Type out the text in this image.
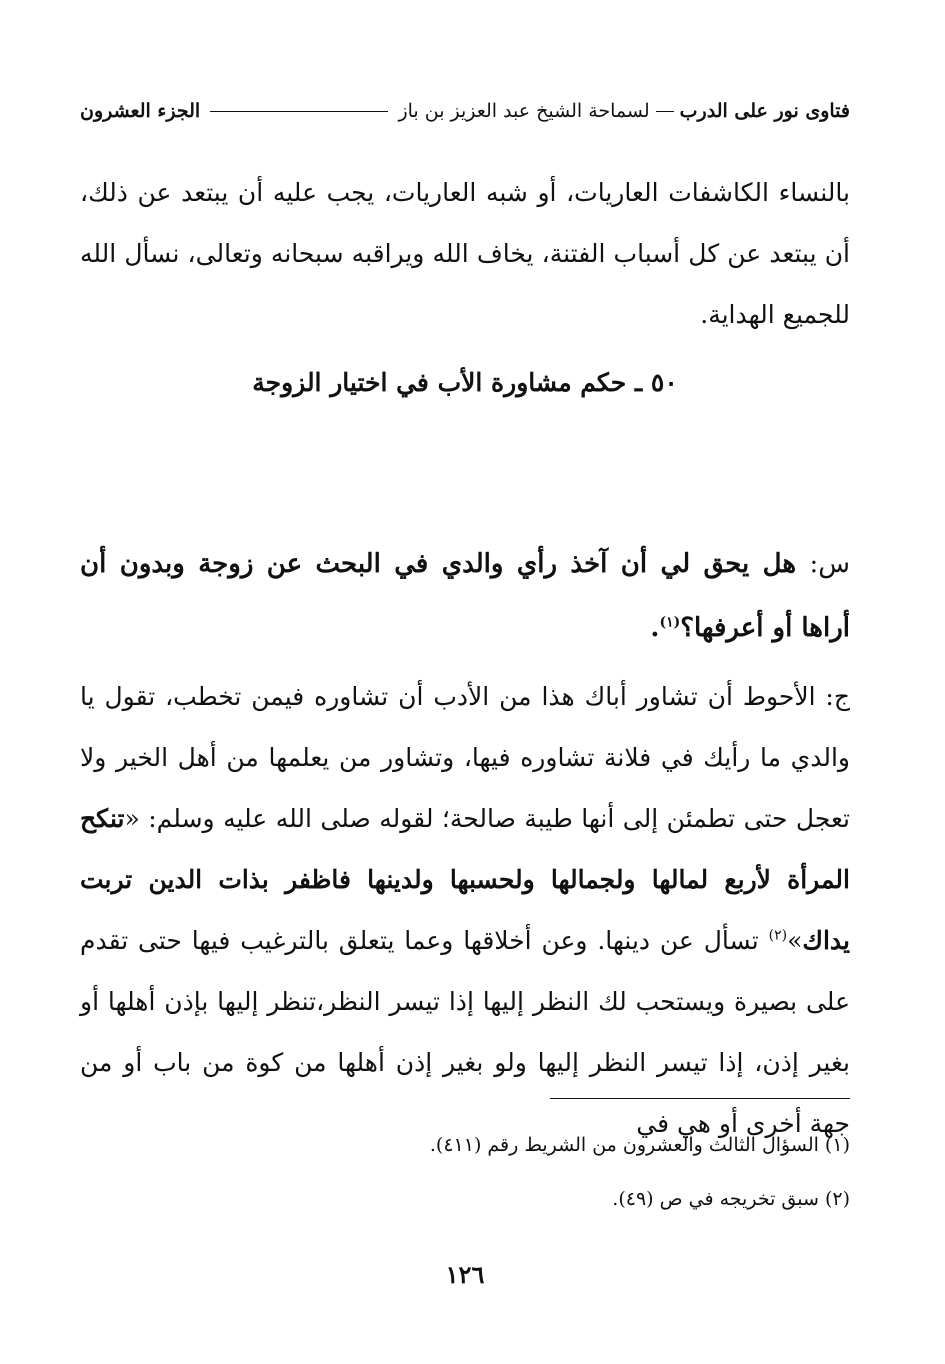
فتاوى نور على الدرب
لسماحة الشيخ عبد العزيز بن باز
الجزء العشرون

بالنساء الكاشفات العاريات، أو شبه العاريات، يجب عليه أن يبتعد عن ذلك، أن يبتعد عن كل أسباب الفتنة، يخاف الله ويراقبه سبحانه وتعالى، نسأل الله للجميع الهداية.

٥٠ ـ حكم مشاورة الأب في اختيار الزوجة

س: هل يحق لي أن آخذ رأي والدي في البحث عن زوجة وبدون أن أراها أو أعرفها؟$^{(١)}$.

ج: الأحوط أن تشاور أباك هذا من الأدب أن تشاوره فيمن تخطب، تقول يا والدي ما رأيك في فلانة تشاوره فيها، وتشاور من يعلمها من أهل الخير ولا تعجل حتى تطمئن إلى أنها طيبة صالحة؛ لقوله صلى الله عليه وسلم: «تنكح المرأة لأربع لمالها ولجمالها ولحسبها ولدينها فاظفر بذات الدين تربت يداك»$^{(٢)}$ تسأل عن دينها. وعن أخلاقها وعما يتعلق بالترغيب فيها حتى تقدم على بصيرة ويستحب لك النظر إليها إذا تيسر النظر،تنظر إليها بإذن أهلها أو بغير إذن، إذا تيسر النظر إليها ولو بغير إذن أهلها من كوة من باب أو من جهة أخرى أو هي في

(١) السؤال الثالث والعشرون من الشريط رقم (٤١١).

(٢) سبق تخريجه في ص (٤٩).

١٢٦
